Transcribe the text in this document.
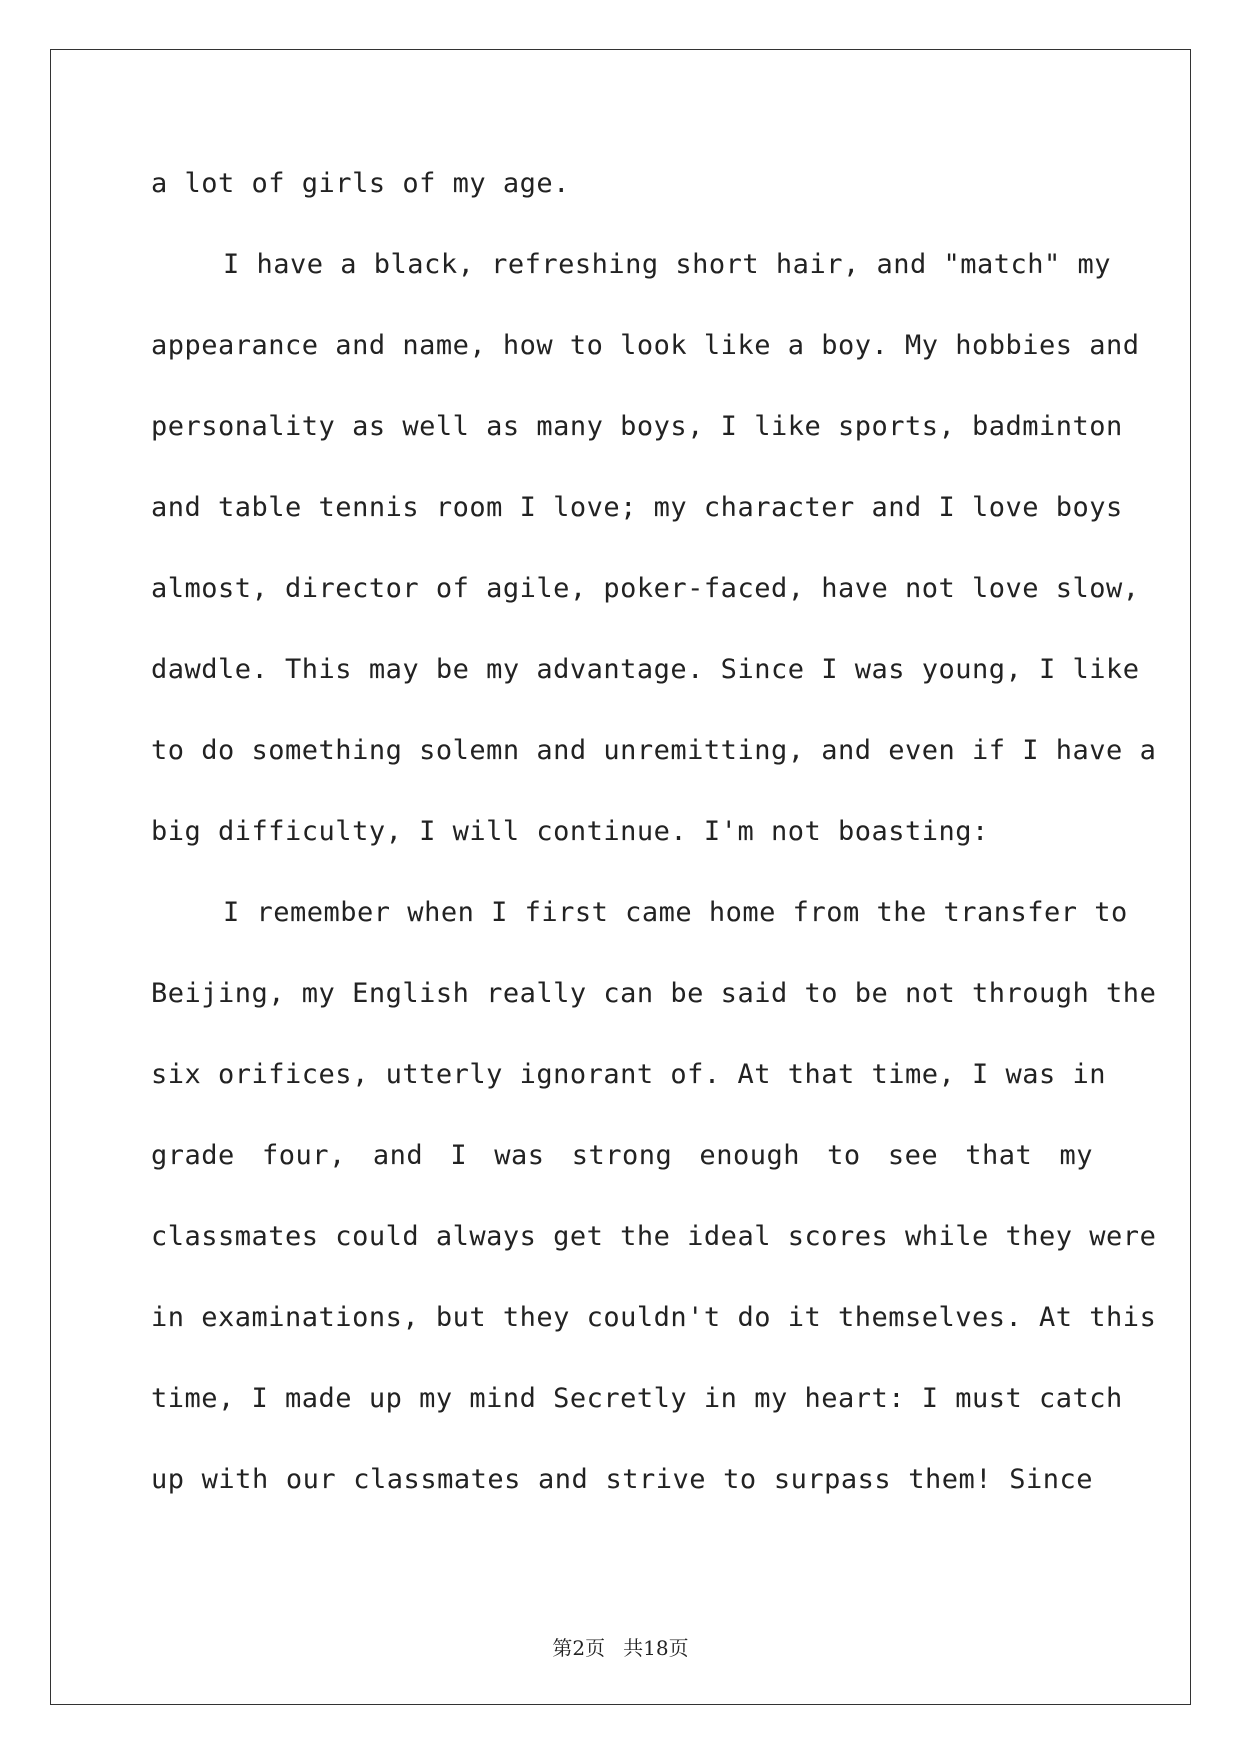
a lot of girls of my age.
I have a black, refreshing short hair, and "match" my
appearance and name, how to look like a boy. My hobbies and
personality as well as many boys, I like sports, badminton
and table tennis room I love; my character and I love boys
almost, director of agile, poker-faced, have not love slow,
dawdle. This may be my advantage. Since I was young, I like
to do something solemn and unremitting, and even if I have a
big difficulty, I will continue. I'm not boasting:
I remember when I first came home from the transfer to
Beijing, my English really can be said to be not through the
six orifices, utterly ignorant of. At that time, I was in
grade four, and I was strong enough to see that my
classmates could always get the ideal scores while they were
in examinations, but they couldn't do it themselves. At this
time, I made up my mind Secretly in my heart: I must catch
up with our classmates and strive to surpass them! Since
第2页 共18页
